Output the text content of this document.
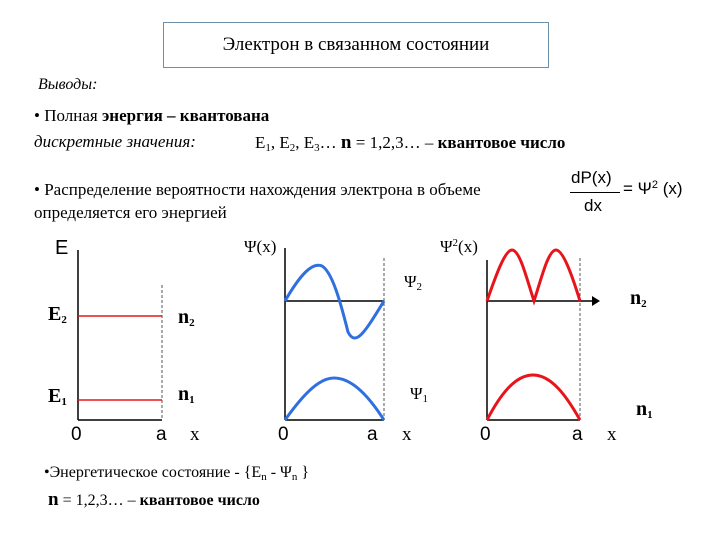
Электрон в связанном состоянии
Выводы:
• Полная энергия – квантована
дискретные значения:	$E_1$, $E_2$, $E_3\dots$ n = 1,2,3… – квантовое число
• Распределение вероятности нахождения электрона в объеме
определяется его энергией
dP(x)
dx
= $\Psi^2$ (x)
E
$E_2$
$E_1$
$n_2$
$n_1$
0	a x
Ψ(x)
$\Psi_2$
$\Psi_1$
0	a x
$\Psi^2(x)$
$n_2$
$n_1$
0	a x
•Энергетическое состояние - {$E_n - \Psi_n$ }
n = 1,2,3… – квантовое число
